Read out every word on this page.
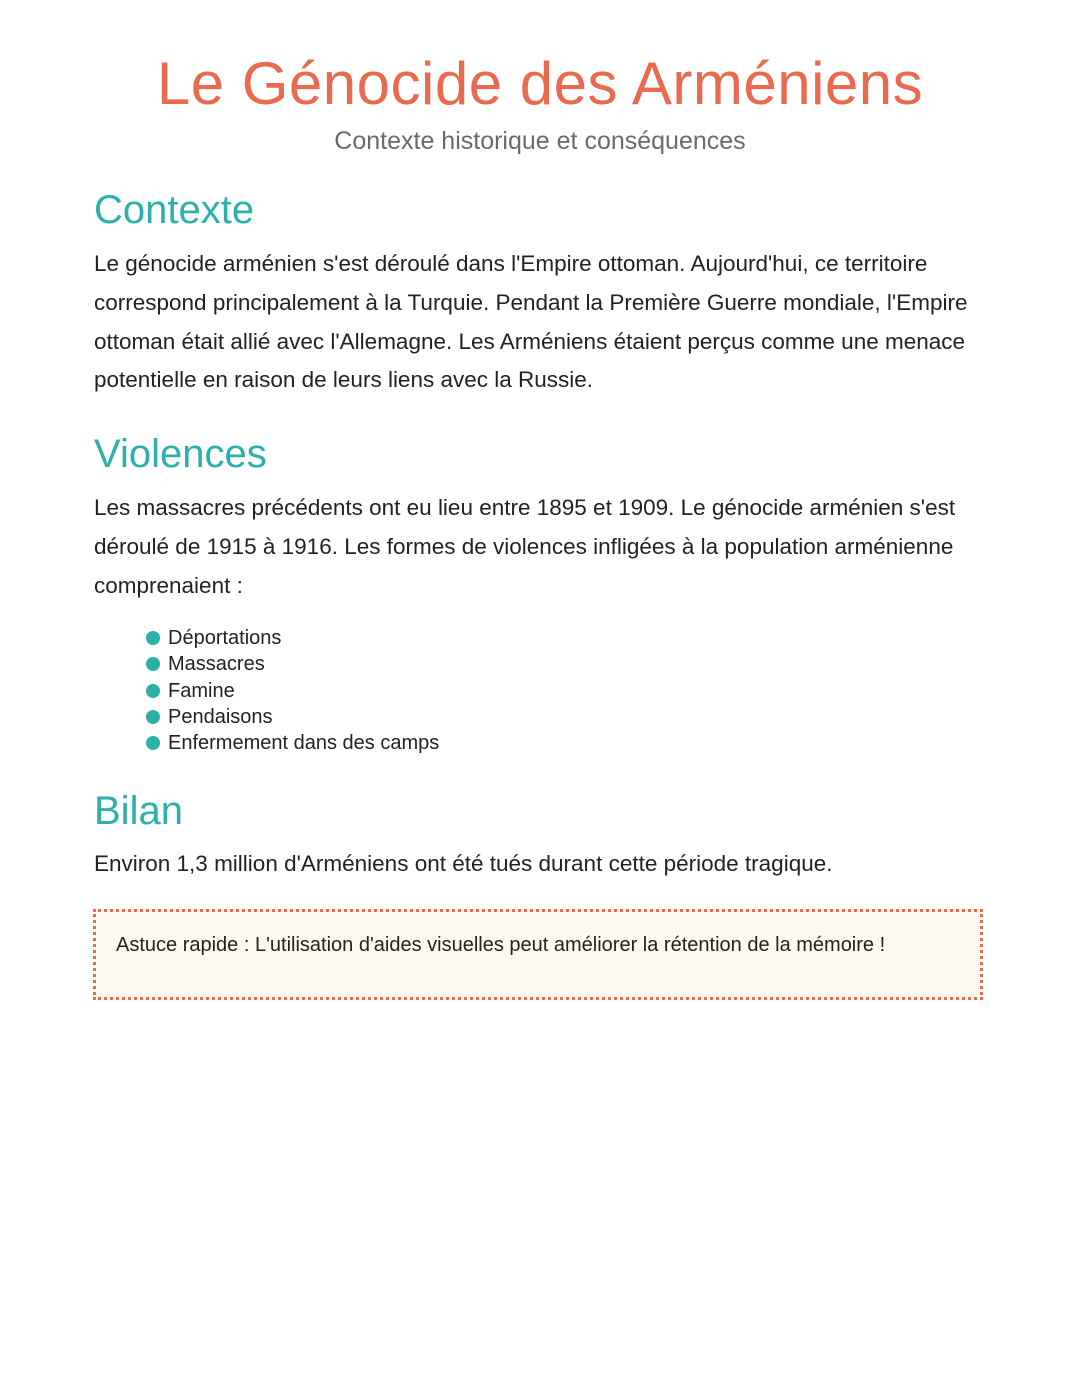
Le Génocide des Arméniens

Contexte historique et conséquences

Contexte

Le génocide arménien s'est déroulé dans l'Empire ottoman. Aujourd'hui, ce territoire correspond principalement à la Turquie. Pendant la Première Guerre mondiale, l'Empire ottoman était allié avec l'Allemagne. Les Arméniens étaient perçus comme une menace potentielle en raison de leurs liens avec la Russie.

Violences

Les massacres précédents ont eu lieu entre 1895 et 1909. Le génocide arménien s'est déroulé de 1915 à 1916. Les formes de violences infligées à la population arménienne comprenaient :

Déportations
Massacres
Famine
Pendaisons
Enfermement dans des camps
Bilan

Environ 1,3 million d'Arméniens ont été tués durant cette période tragique.

Astuce rapide : L'utilisation d'aides visuelles peut améliorer la rétention de la mémoire !
